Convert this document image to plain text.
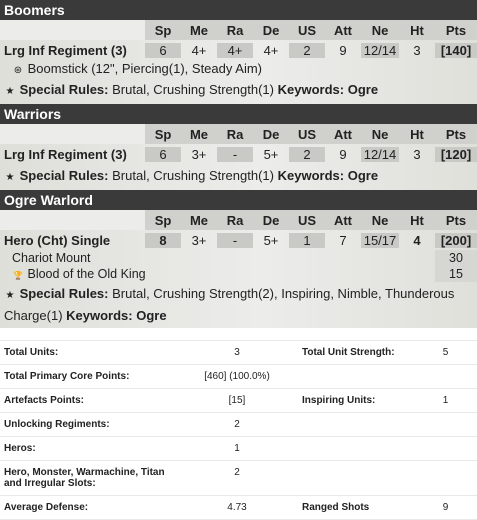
Boomers
Sp	Me	Ra	De	US	Att	Ne	Ht	Pts
Lrg Inf Regiment (3)	6	4+	4+	4+	2	9	12/14	3	[140]
⊛ Boomstick (12", Piercing(1), Steady Aim)
★ Special Rules: Brutal, Crushing Strength(1) Keywords: Ogre
Warriors
Sp	Me	Ra	De	US	Att	Ne	Ht	Pts
Lrg Inf Regiment (3)	6	3+	-	5+	2	9	12/14	3	[120]
★ Special Rules: Brutal, Crushing Strength(1) Keywords: Ogre
Ogre Warlord
Sp	Me	Ra	De	US	Att	Ne	Ht	Pts
Hero (Cht) Single	8	3+	-	5+	1	7	15/17	4	[200]
Chariot Mount	30
🏆 Blood of the Old King	15
★ Special Rules: Brutal, Crushing Strength(2), Inspiring, Nimble, Thunderous Charge(1) Keywords: Ogre
Total Units:	3	Total Unit Strength:	5
Total Primary Core Points:	[460] (100.0%)
Artefacts Points:	[15]	Inspiring Units:	1
Unlocking Regiments:	2
Heros:	1
Hero, Monster, Warmachine, Titan and Irregular Slots:
2
Average Defense:	4.73	Ranged Shots	9
